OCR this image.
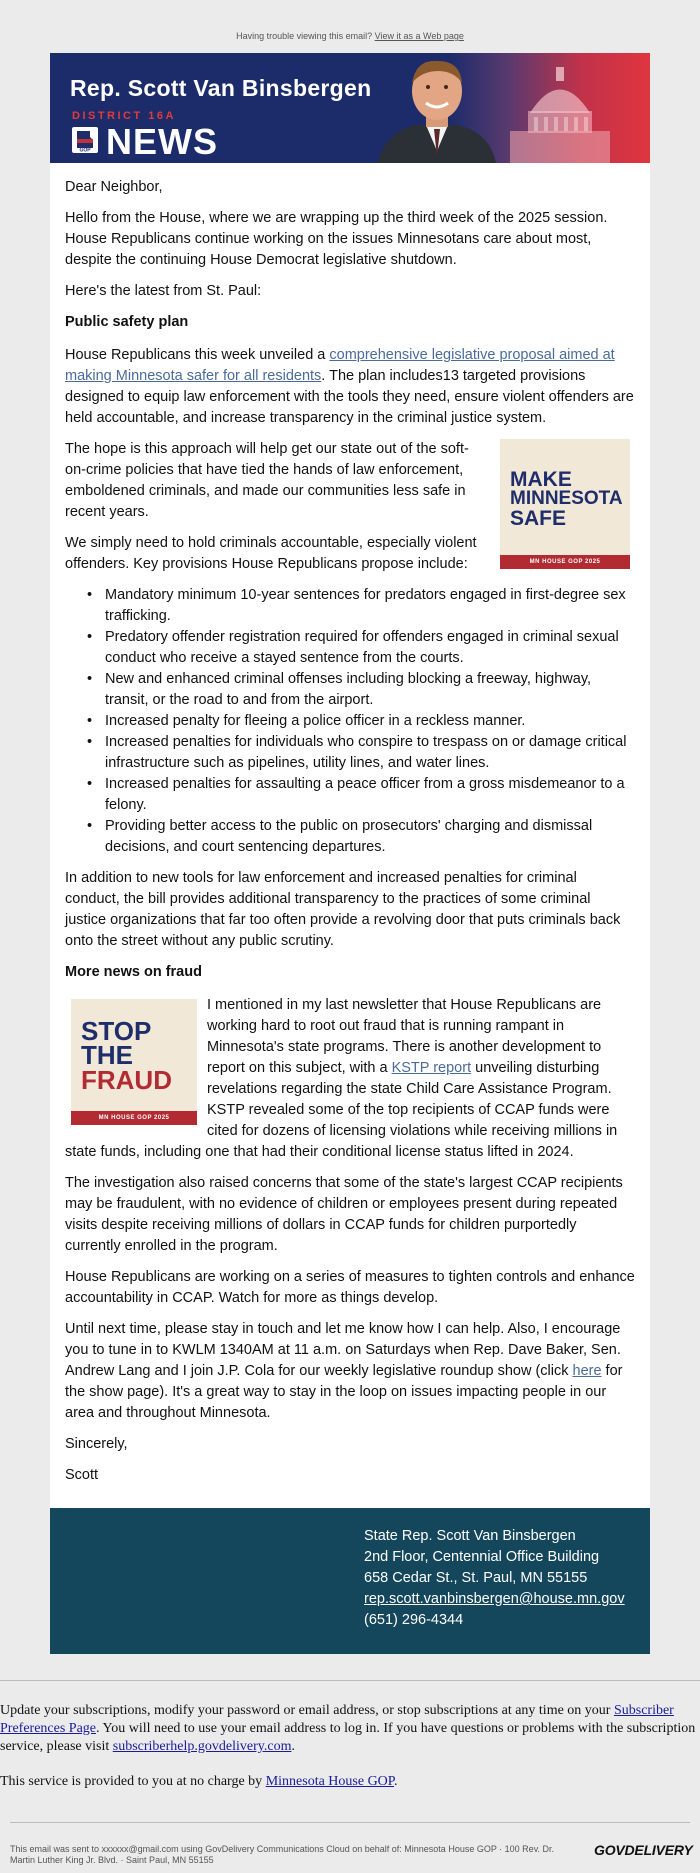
Having trouble viewing this email? View it as a Web page
Rep. Scott Van Binsbergen
DISTRICT 16A
GOP NEWS

Dear Neighbor,

Hello from the House, where we are wrapping up the third week of the 2025 session. House Republicans continue working on the issues Minnesotans care about most, despite the continuing House Democrat legislative shutdown.

Here's the latest from St. Paul:

Public safety plan

House Republicans this week unveiled a comprehensive legislative proposal aimed at making Minnesota safer for all residents. The plan includes13 targeted provisions designed to equip law enforcement with the tools they need, ensure violent offenders are held accountable, and increase transparency in the criminal justice system.

MAKE
MINNESOTA
SAFE
MN HOUSE GOP 2025

The hope is this approach will help get our state out of the soft-on-crime policies that have tied the hands of law enforcement, emboldened criminals, and made our communities less safe in recent years.

We simply need to hold criminals accountable, especially violent offenders. Key provisions House Republicans propose include:

• Mandatory minimum 10-year sentences for predators engaged in first-degree sex trafficking.
• Predatory offender registration required for offenders engaged in criminal sexual conduct who receive a stayed sentence from the courts.
• New and enhanced criminal offenses including blocking a freeway, highway, transit, or the road to and from the airport.
• Increased penalty for fleeing a police officer in a reckless manner.
• Increased penalties for individuals who conspire to trespass on or damage critical infrastructure such as pipelines, utility lines, and water lines.
• Increased penalties for assaulting a peace officer from a gross misdemeanor to a felony.
• Providing better access to the public on prosecutors' charging and dismissal decisions, and court sentencing departures.

In addition to new tools for law enforcement and increased penalties for criminal conduct, the bill provides additional transparency to the practices of some criminal justice organizations that far too often provide a revolving door that puts criminals back onto the street without any public scrutiny.

More news on fraud
STOP
THE
FRAUD
MN HOUSE GOP 2025

I mentioned in my last newsletter that House Republicans are working hard to root out fraud that is running rampant in Minnesota's state programs. There is another development to report on this subject, with a KSTP report unveiling disturbing revelations regarding the state Child Care Assistance Program. KSTP revealed some of the top recipients of CCAP funds were cited for dozens of licensing violations while receiving millions in state funds, including one that had their conditional license status lifted in 2024.

The investigation also raised concerns that some of the state's largest CCAP recipients may be fraudulent, with no evidence of children or employees present during repeated visits despite receiving millions of dollars in CCAP funds for children purportedly currently enrolled in the program.

House Republicans are working on a series of measures to tighten controls and enhance accountability in CCAP. Watch for more as things develop.

Until next time, please stay in touch and let me know how I can help. Also, I encourage you to tune in to KWLM 1340AM at 11 a.m. on Saturdays when Rep. Dave Baker, Sen. Andrew Lang and I join J.P. Cola for our weekly legislative roundup show (click here for the show page). It's a great way to stay in the loop on issues impacting people in our area and throughout Minnesota.

Sincerely,

Scott

State Rep. Scott Van Binsbergen
2nd Floor, Centennial Office Building
658 Cedar St., St. Paul, MN 55155
rep.scott.vanbinsbergen@house.mn.gov
(651) 296-4344

Update your subscriptions, modify your password or email address, or stop subscriptions at any time on your Subscriber Preferences Page. You will need to use your email address to log in. If you have questions or problems with the subscription service, please visit subscriberhelp.govdelivery.com.

This service is provided to you at no charge by Minnesota House GOP.

This email was sent to xxxxxx@gmail.com using GovDelivery Communications Cloud on behalf of: Minnesota House GOP · 100 Rev. Dr. Martin Luther King Jr. Blvd. · Saint Paul, MN 55155
GOVDELIVERY
